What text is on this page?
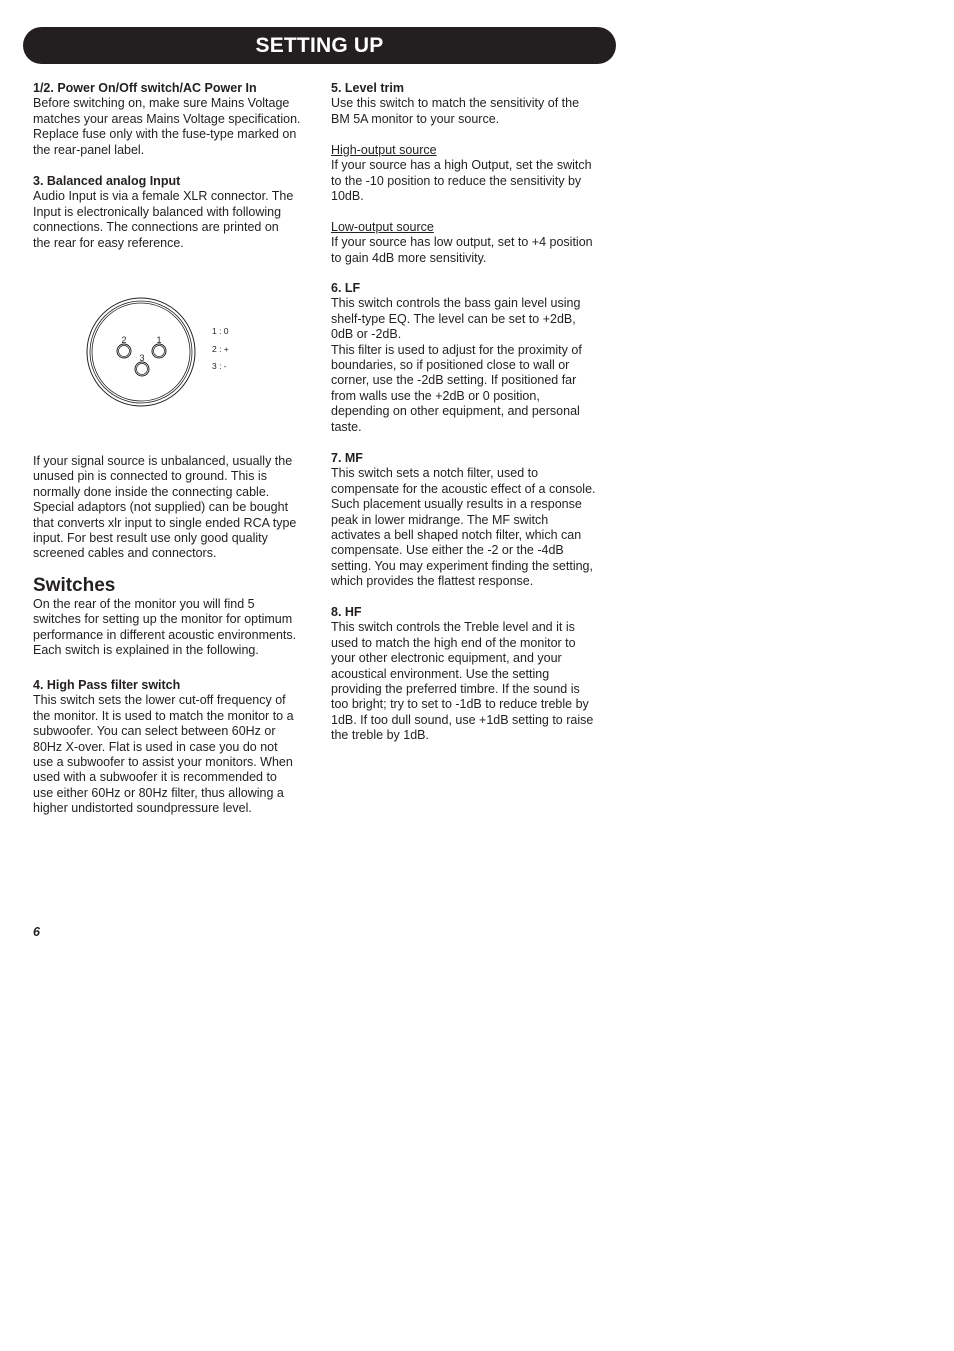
SETTING UP
1/2. Power On/Off switch/AC Power In
Before switching on, make sure Mains Voltage
matches your areas Mains Voltage specification.
Replace fuse only with the fuse-type marked on
the rear-panel label.
3. Balanced analog Input
Audio Input is via a female XLR connector. The
Input is electronically balanced with following
connections. The connections are printed on
the rear for easy reference.
If your signal source is unbalanced, usually the
unused pin is connected to ground. This is
normally done inside the connecting cable.
Special adaptors (not supplied) can be bought
that converts xlr input to single ended RCA type
input. For best result use only good quality
screened cables and connectors.
Switches
On the rear of the monitor you will find 5
switches for setting up the monitor for optimum
performance in different acoustic environments.
Each switch is explained in the following.
4. High Pass filter switch
This switch sets the lower cut-off frequency of
the monitor. It is used to match the monitor to a
subwoofer. You can select between 60Hz or
80Hz X-over. Flat is used in case you do not
use a subwoofer to assist your monitors. When
used with a subwoofer it is recommended to
use either 60Hz or 80Hz filter, thus allowing a
higher undistorted soundpressure level.
2	1
3
1 : 0
2 : +
3 : -
5. Level trim
Use this switch to match the sensitivity of the
BM 5A monitor to your source.
High-output source
If your source has a high Output, set the switch
to the -10 position to reduce the sensitivity by
10dB.
Low-output source
If your source has low output, set to +4 position
to gain 4dB more sensitivity.
6. LF
This switch controls the bass gain level using
shelf-type EQ. The level can be set to +2dB,
0dB or -2dB.
This filter is used to adjust for the proximity of
boundaries, so if positioned close to wall or
corner, use the -2dB setting. If positioned far
from walls use the +2dB or 0 position,
depending on other equipment, and personal
taste.
7. MF
This switch sets a notch filter, used to
compensate for the acoustic effect of a console.
Such placement usually results in a response
peak in lower midrange. The MF switch
activates a bell shaped notch filter, which can
compensate. Use either the -2 or the -4dB
setting. You may experiment finding the setting,
which provides the flattest response.
8. HF
This switch controls the Treble level and it is
used to match the high end of the monitor to
your other electronic equipment, and your
acoustical environment. Use the setting
providing the preferred timbre. If the sound is
too bright; try to set to -1dB to reduce treble by
1dB. If too dull sound, use +1dB setting to raise
the treble by 1dB.
6
